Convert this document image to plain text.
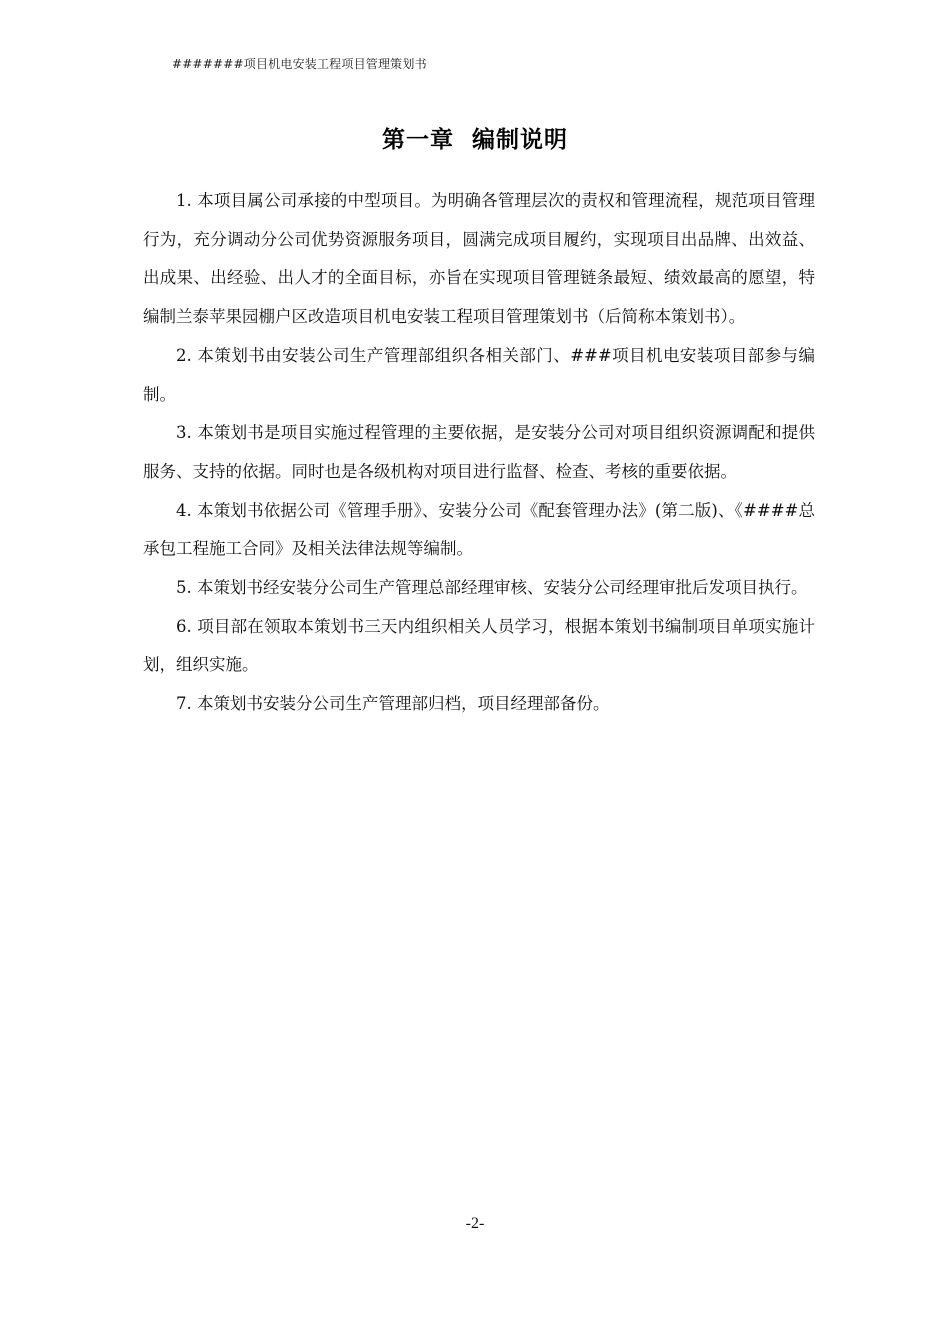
#######项目机电安装工程项目管理策划书
第一章  编制说明

1. 本项目属公司承接的中型项目。为明确各管理层次的责权和管理流程，规范项目管理行为，充分调动分公司优势资源服务项目，圆满完成项目履约，实现项目出品牌、出效益、出成果、出经验、出人才的全面目标，亦旨在实现项目管理链条最短、绩效最高的愿望，特编制兰泰苹果园棚户区改造项目机电安装工程项目管理策划书（后简称本策划书）。

2. 本策划书由安装公司生产管理部组织各相关部门、###项目机电安装项目部参与编制。

3. 本策划书是项目实施过程管理的主要依据，是安装分公司对项目组织资源调配和提供服务、支持的依据。同时也是各级机构对项目进行监督、检查、考核的重要依据。

4. 本策划书依据公司《管理手册》、安装分公司《配套管理办法》(第二版)、《####总承包工程施工合同》及相关法律法规等编制。

5. 本策划书经安装分公司生产管理总部经理审核、安装分公司经理审批后发项目执行。

6. 项目部在领取本策划书三天内组织相关人员学习，根据本策划书编制项目单项实施计划，组织实施。

7. 本策划书安装分公司生产管理部归档，项目经理部备份。

-2-
